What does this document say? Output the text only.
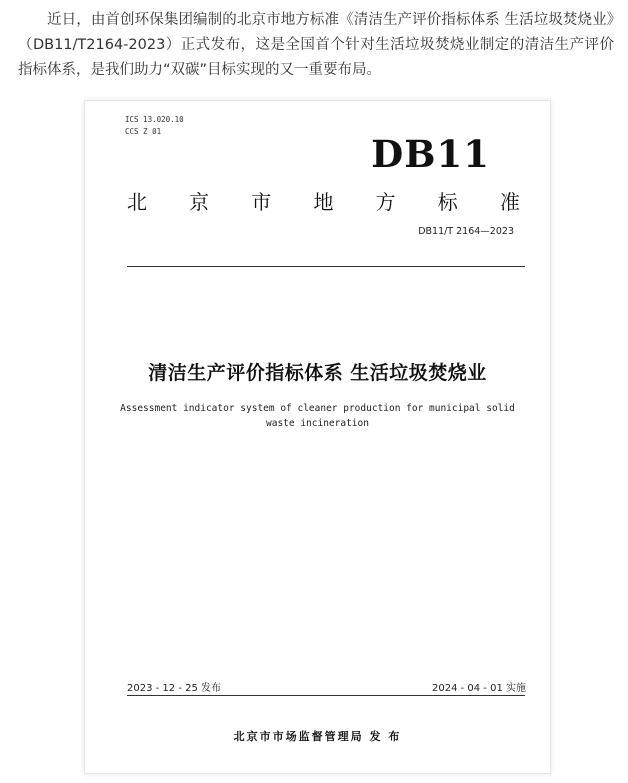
近日，由首创环保集团编制的北京市地方标准《清洁生产评价指标体系 生活垃圾焚烧业》（DB11/T2164-2023）正式发布，这是全国首个针对生活垃圾焚烧业制定的清洁生产评价指标体系，是我们助力“双碳”目标实现的又一重要布局。

ICS 13.020.10
CCS Z 01
DB11
北 京 市 地 方 标 准
DB11/T 2164—2023
清洁生产评价指标体系 生活垃圾焚烧业
Assessment indicator system of cleaner production for municipal solid
waste incineration
2023 - 12 - 25 发布	2024 - 04 - 01 实施
北京市市场监督管理局 发 布
